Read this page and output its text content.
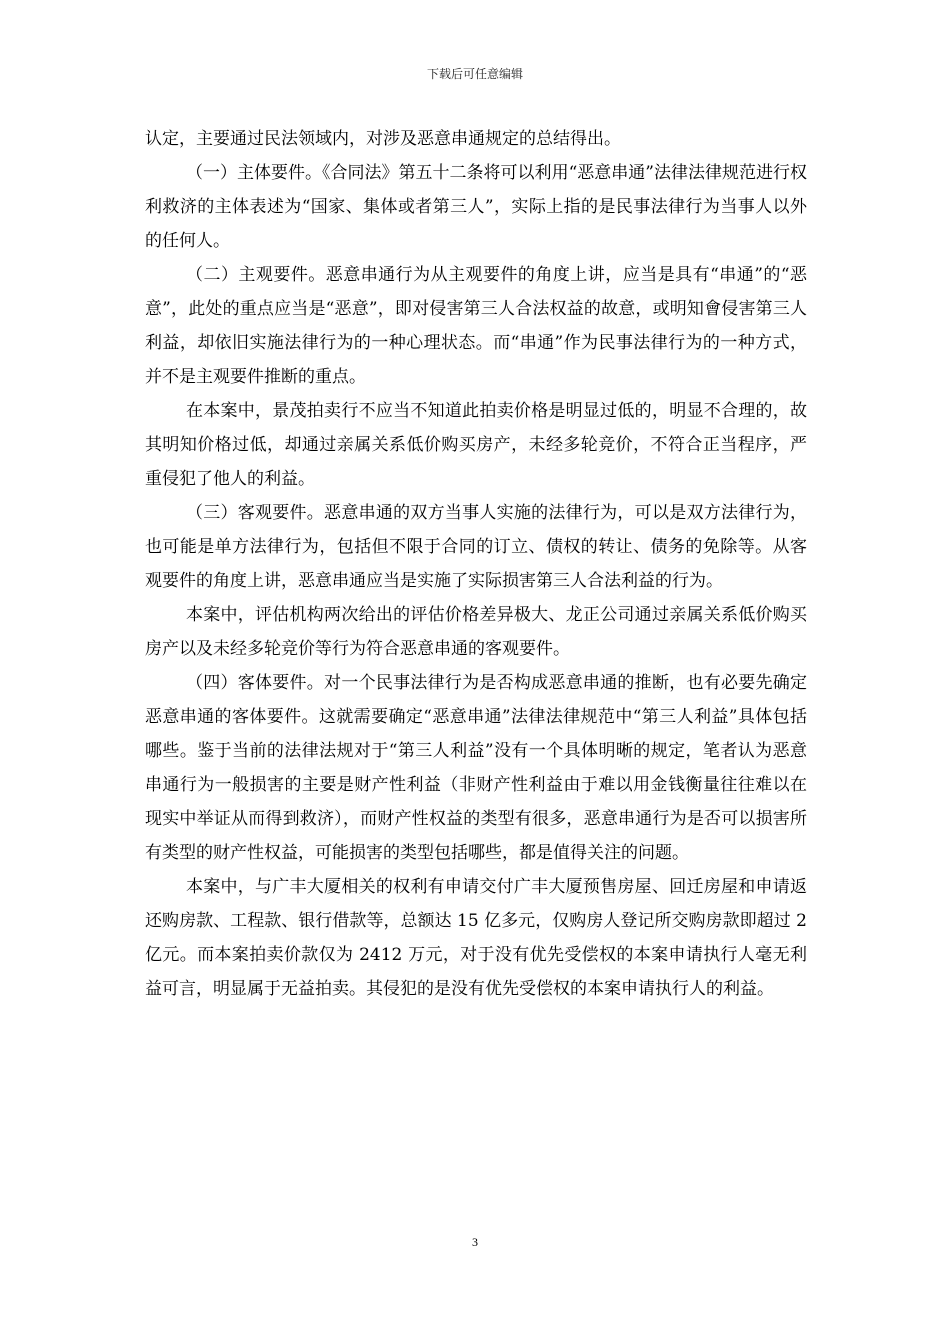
下载后可任意编辑

认定，主要通过民法领域内，对涉及恶意串通规定的总结得出。

（一）主体要件。《合同法》第五十二条将可以利用“恶意串通”法律法律规范进行权利救济的主体表述为“国家、集体或者第三人”，实际上指的是民事法律行为当事人以外的任何人。

（二）主观要件。恶意串通行为从主观要件的角度上讲，应当是具有“串通”的“恶意”，此处的重点应当是“恶意”，即对侵害第三人合法权益的故意，或明知會侵害第三人利益，却依旧实施法律行为的一种心理状态。而“串通”作为民事法律行为的一种方式，并不是主观要件推断的重点。

在本案中，景茂拍卖行不应当不知道此拍卖价格是明显过低的，明显不合理的，故其明知价格过低，却通过亲属关系低价购买房产，未经多轮竞价，不符合正当程序，严重侵犯了他人的利益。

（三）客观要件。恶意串通的双方当事人实施的法律行为，可以是双方法律行为，也可能是单方法律行为，包括但不限于合同的订立、债权的转让、债务的免除等。从客观要件的角度上讲，恶意串通应当是实施了实际损害第三人合法利益的行为。

本案中，评估机构两次给出的评估价格差异极大、龙正公司通过亲属关系低价购买房产以及未经多轮竞价等行为符合恶意串通的客观要件。

（四）客体要件。对一个民事法律行为是否构成恶意串通的推断，也有必要先确定恶意串通的客体要件。这就需要确定“恶意串通”法律法律规范中“第三人利益”具体包括哪些。鉴于当前的法律法规对于“第三人利益”没有一个具体明晰的规定，笔者认为恶意串通行为一般损害的主要是财产性利益（非财产性利益由于难以用金钱衡量往往难以在现实中举证从而得到救济），而财产性权益的类型有很多，恶意串通行为是否可以损害所有类型的财产性权益，可能损害的类型包括哪些，都是值得关注的问题。

本案中，与广丰大厦相关的权利有申请交付广丰大厦预售房屋、回迁房屋和申请返还购房款、工程款、银行借款等，总额达 15 亿多元，仅购房人登记所交购房款即超过 2 亿元。而本案拍卖价款仅为 2412 万元，对于没有优先受偿权的本案申请执行人毫无利益可言，明显属于无益拍卖。其侵犯的是没有优先受偿权的本案申请执行人的利益。

3
